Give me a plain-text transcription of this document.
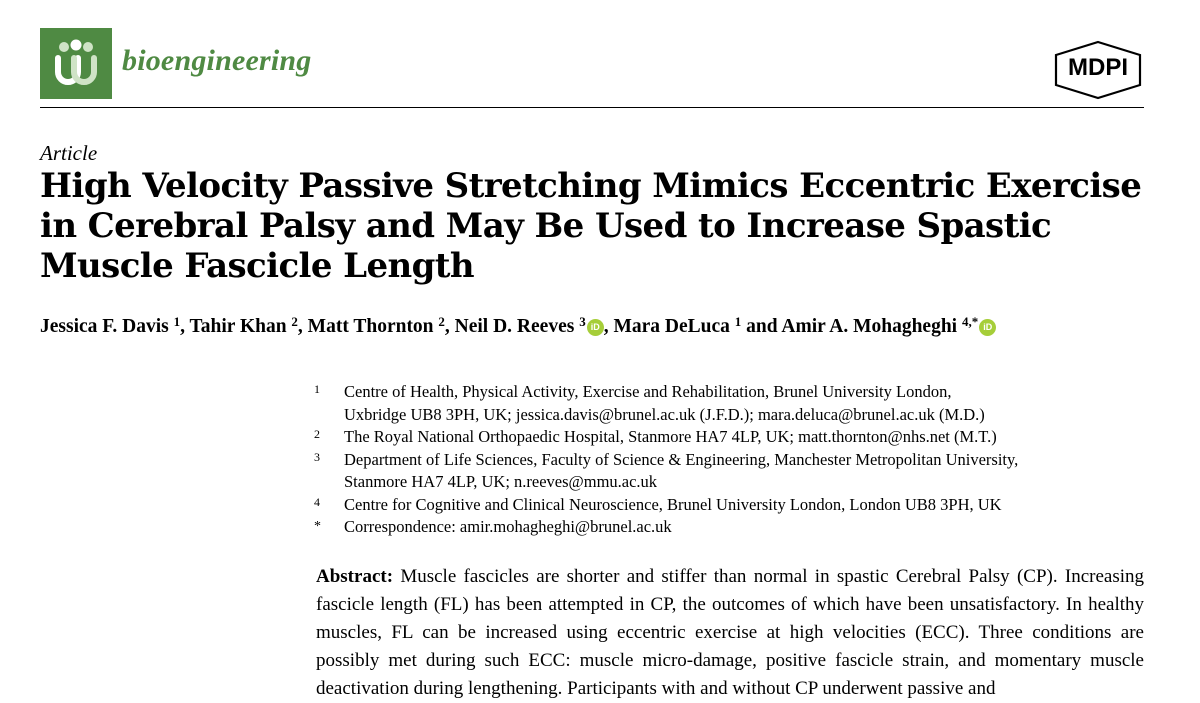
bioengineering	MDPI
Article
High Velocity Passive Stretching Mimics Eccentric Exercise in Cerebral Palsy and May Be Used to Increase Spastic Muscle Fascicle Length
Jessica F. Davis $^1$, Tahir Khan $^2$, Matt Thornton $^2$, Neil D. Reeves $^3$ iD , Mara DeLuca $^1$ and Amir A. Mohagheghi $^{4,*}$ iD
1 Centre of Health, Physical Activity, Exercise and Rehabilitation, Brunel University London,
Uxbridge UB8 3PH, UK; jessica.davis@brunel.ac.uk (J.F.D.); mara.deluca@brunel.ac.uk (M.D.)
2 The Royal National Orthopaedic Hospital, Stanmore HA7 4LP, UK; matt.thornton@nhs.net (M.T.)
3 Department of Life Sciences, Faculty of Science & Engineering, Manchester Metropolitan University,
Stanmore HA7 4LP, UK; n.reeves@mmu.ac.uk
4 Centre for Cognitive and Clinical Neuroscience, Brunel University London, London UB8 3PH, UK
* Correspondence: amir.mohagheghi@brunel.ac.uk
Abstract: Muscle fascicles are shorter and stiffer than normal in spastic Cerebral Palsy (CP). Increasing fascicle length (FL) has been attempted in CP, the outcomes of which have been unsatisfactory. In healthy muscles, FL can be increased using eccentric exercise at high velocities (ECC). Three conditions are possibly met during such ECC: muscle micro-damage, positive fascicle strain, and momentary muscle deactivation during lengthening. Participants with and without CP underwent passive and
